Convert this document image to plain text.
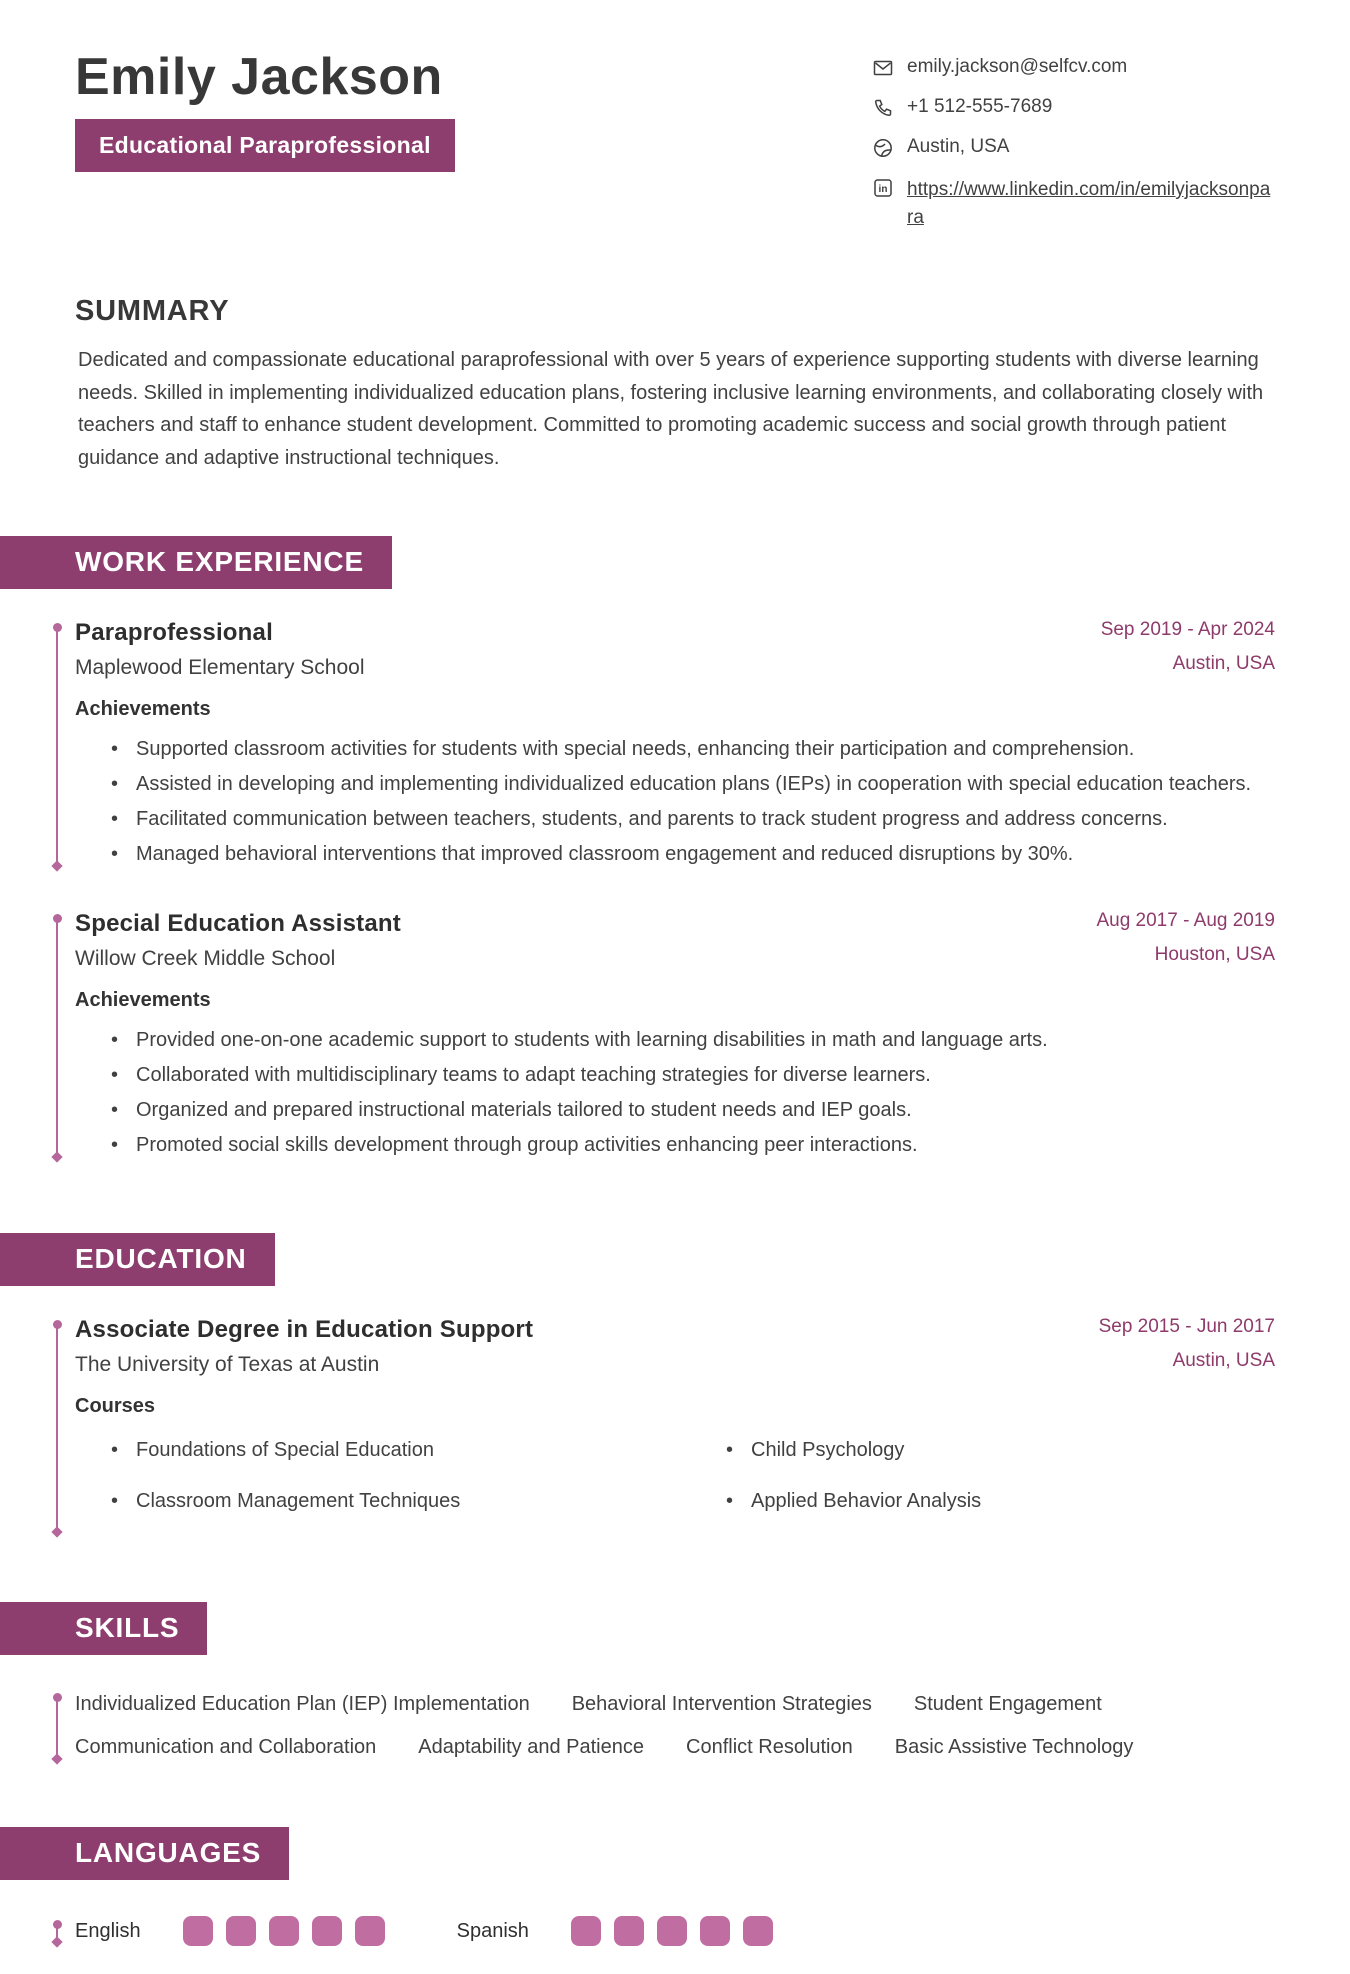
Emily Jackson
Educational Paraprofessional
emily.jackson@selfcv.com
+1 512-555-7689
Austin, USA
in https://www.linkedin.com/in/emilyjacksonpara
SUMMARY
Dedicated and compassionate educational paraprofessional with over 5 years of experience supporting students with diverse learning needs. Skilled in implementing individualized education plans, fostering inclusive learning environments, and collaborating closely with teachers and staff to enhance student development. Committed to promoting academic success and social growth through patient guidance and adaptive instructional techniques.
WORK EXPERIENCE
Paraprofessional
Maplewood Elementary School
Sep 2019 - Apr 2024
Austin, USA
Achievements
• Supported classroom activities for students with special needs, enhancing their participation and comprehension.
• Assisted in developing and implementing individualized education plans (IEPs) in cooperation with special education teachers.
• Facilitated communication between teachers, students, and parents to track student progress and address concerns.
• Managed behavioral interventions that improved classroom engagement and reduced disruptions by 30%.
Special Education Assistant
Willow Creek Middle School
Aug 2017 - Aug 2019
Houston, USA
Achievements
• Provided one-on-one academic support to students with learning disabilities in math and language arts.
• Collaborated with multidisciplinary teams to adapt teaching strategies for diverse learners.
• Organized and prepared instructional materials tailored to student needs and IEP goals.
• Promoted social skills development through group activities enhancing peer interactions.
EDUCATION
Associate Degree in Education Support
The University of Texas at Austin
Sep 2015 - Jun 2017
Austin, USA
Courses
• Foundations of Special Education
• Classroom Management Techniques
• Child Psychology
• Applied Behavior Analysis
SKILLS
Individualized Education Plan (IEP) Implementation Behavioral Intervention Strategies Student Engagement
Communication and Collaboration Adaptability and Patience Conflict Resolution Basic Assistive Technology
LANGUAGES
English	Spanish
